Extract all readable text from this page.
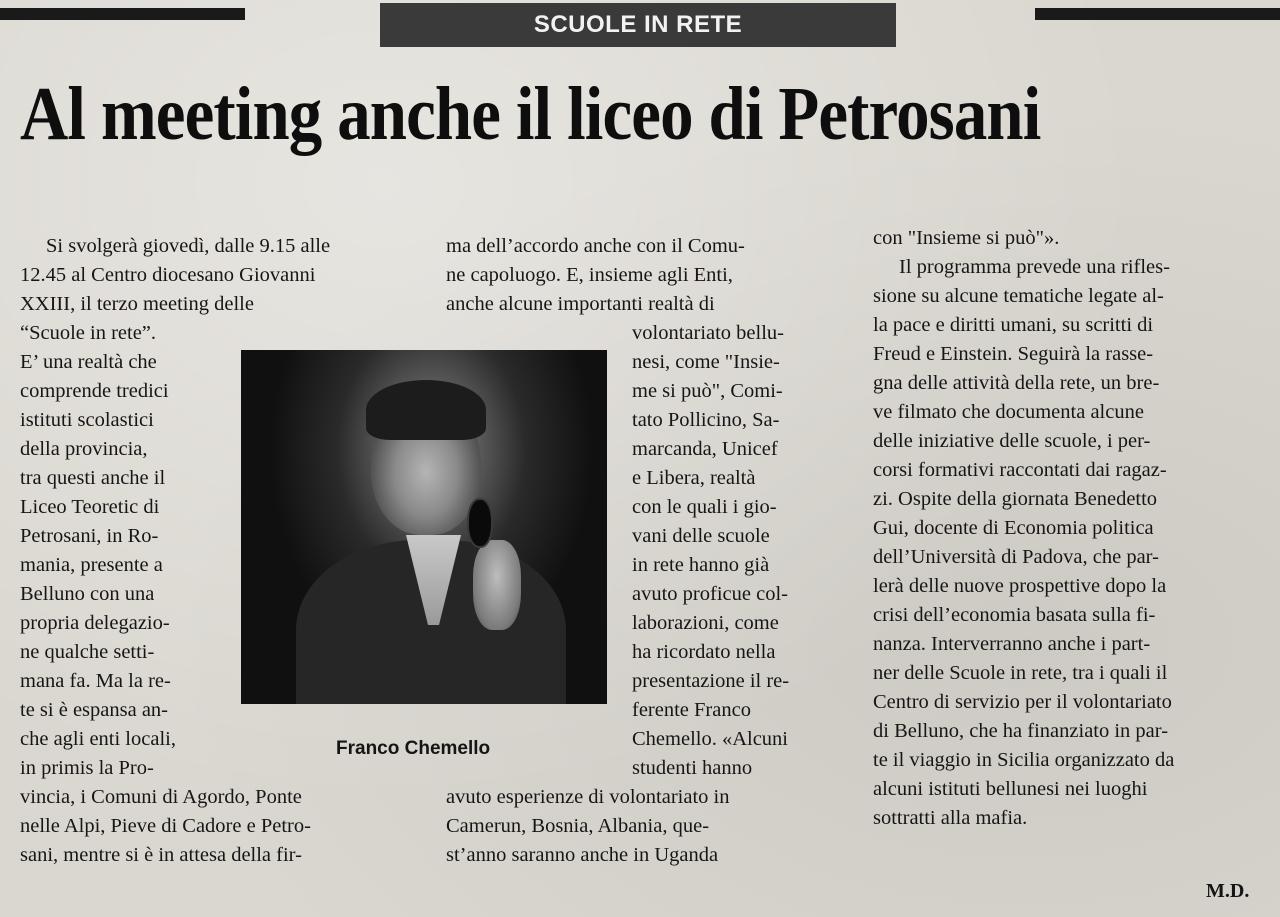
SCUOLE IN RETE
Al meeting anche il liceo di Petrosani
Si svolgerà giovedì, dalle 9.15 alle
12.45 al Centro diocesano Giovanni
XXIII, il terzo meeting delle
“Scuole in rete”.
E’ una realtà che
comprende tredici
istituti scolastici
della provincia,
tra questi anche il
Liceo Teoretic di
Petrosani, in Ro-
mania, presente a
Belluno con una
propria delegazio-
ne qualche setti-
mana fa. Ma la re-
te si è espansa an-
che agli enti locali,
in primis la Pro-
vincia, i Comuni di Agordo, Ponte
nelle Alpi, Pieve di Cadore e Petro-
sani, mentre si è in attesa della fir-
ma dell’accordo anche con il Comu-
ne capoluogo. E, insieme agli Enti,
anche alcune importanti realtà di
volontariato bellu-
nesi, come "Insie-
me si può", Comi-
tato Pollicino, Sa-
marcanda, Unicef
e Libera, realtà
con le quali i gio-
vani delle scuole
in rete hanno già
avuto proficue col-
laborazioni, come
ha ricordato nella
presentazione il re-
ferente Franco
Chemello. «Alcuni
studenti hanno
avuto esperienze di volontariato in
Camerun, Bosnia, Albania, que-
st’anno saranno anche in Uganda
con "Insieme si può"».
Il programma prevede una rifles-
sione su alcune tematiche legate al-
la pace e diritti umani, su scritti di
Freud e Einstein. Seguirà la rasse-
gna delle attività della rete, un bre-
ve filmato che documenta alcune
delle iniziative delle scuole, i per-
corsi formativi raccontati dai ragaz-
zi. Ospite della giornata Benedetto
Gui, docente di Economia politica
dell’Università di Padova, che par-
lerà delle nuove prospettive dopo la
crisi dell’economia basata sulla fi-
nanza. Interverranno anche i part-
ner delle Scuole in rete, tra i quali il
Centro di servizio per il volontariato
di Belluno, che ha finanziato in par-
te il viaggio in Sicilia organizzato da
alcuni istituti bellunesi nei luoghi
sottratti alla mafia.
Franco Chemello
M.D.
